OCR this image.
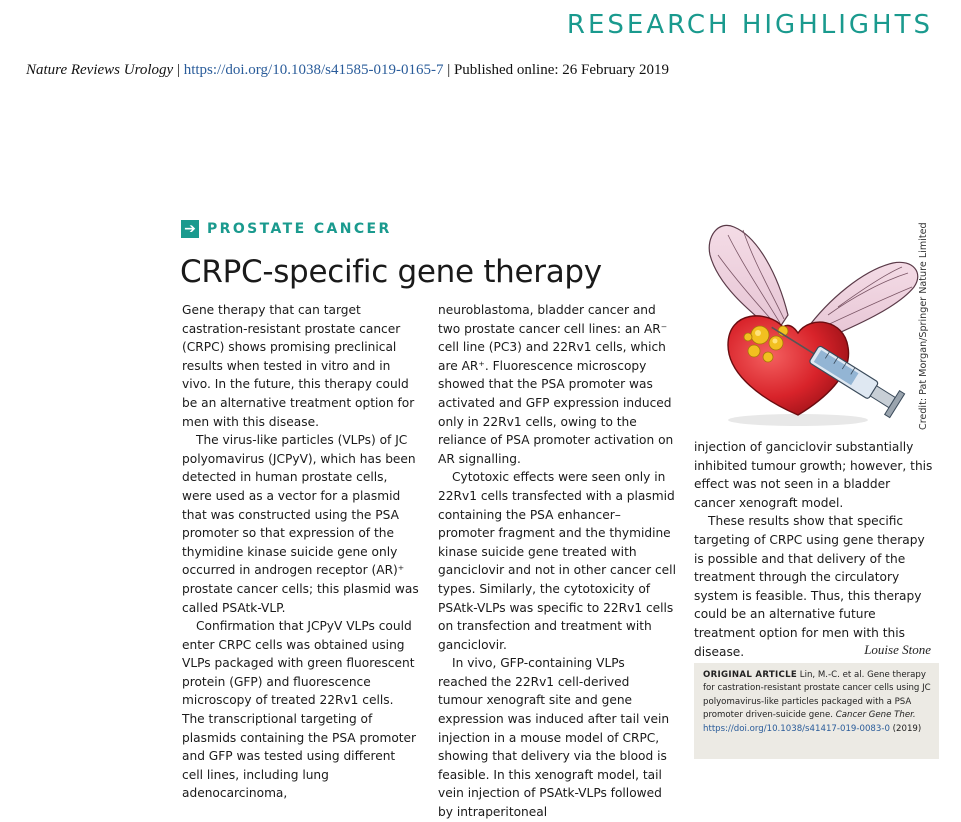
RESEARCH HIGHLIGHTS
Nature Reviews Urology | https://doi.org/10.1038/s41585-019-0165-7 | Published online: 26 February 2019
➔ PROSTATE CANCER
CRPC-specific gene therapy

Gene therapy that can target castration-resistant prostate cancer (CRPC) shows promising preclinical results when tested in vitro and in vivo. In the future, this therapy could be an alternative treatment option for men with this disease.

The virus-like particles (VLPs) of JC polyomavirus (JCPyV), which has been detected in human prostate cells, were used as a vector for a plasmid that was constructed using the PSA promoter so that expression of the thymidine kinase suicide gene only occurred in androgen receptor (AR)⁺ prostate cancer cells; this plasmid was called PSAtk-VLP.

Confirmation that JCPyV VLPs could enter CRPC cells was obtained using VLPs packaged with green fluorescent protein (GFP) and fluorescence microscopy of treated 22Rv1 cells. The transcriptional targeting of plasmids containing the PSA promoter and GFP was tested using different cell lines, including lung adenocarcinoma,

neuroblastoma, bladder cancer and two prostate cancer cell lines: an AR⁻ cell line (PC3) and 22Rv1 cells, which are AR⁺. Fluorescence microscopy showed that the PSA promoter was activated and GFP expression induced only in 22Rv1 cells, owing to the reliance of PSA promoter activation on AR signalling.

Cytotoxic effects were seen only in 22Rv1 cells transfected with a plasmid containing the PSA enhancer–promoter fragment and the thymidine kinase suicide gene treated with ganciclovir and not in other cancer cell types. Similarly, the cytotoxicity of PSAtk-VLPs was specific to 22Rv1 cells on transfection and treatment with ganciclovir.

In vivo, GFP-containing VLPs reached the 22Rv1 cell-derived tumour xenograft site and gene expression was induced after tail vein injection in a mouse model of CRPC, showing that delivery via the blood is feasible. In this xenograft model, tail vein injection of PSAtk-VLPs followed by intraperitoneal

injection of ganciclovir substantially inhibited tumour growth; however, this effect was not seen in a bladder cancer xenograft model.

These results show that specific targeting of CRPC using gene therapy is possible and that delivery of the treatment through the circulatory system is feasible. Thus, this therapy could be an alternative future treatment option for men with this disease.	Louise Stone
ORIGINAL ARTICLE Lin, M.-C. et al. Gene therapy for castration-resistant prostate cancer cells using JC polyomavirus-like particles packaged with a PSA promoter driven-suicide gene. Cancer Gene Ther. https://doi.org/10.1038/s41417-019-0083-0 (2019)
Credit: Pat Morgan/Springer Nature Limited
